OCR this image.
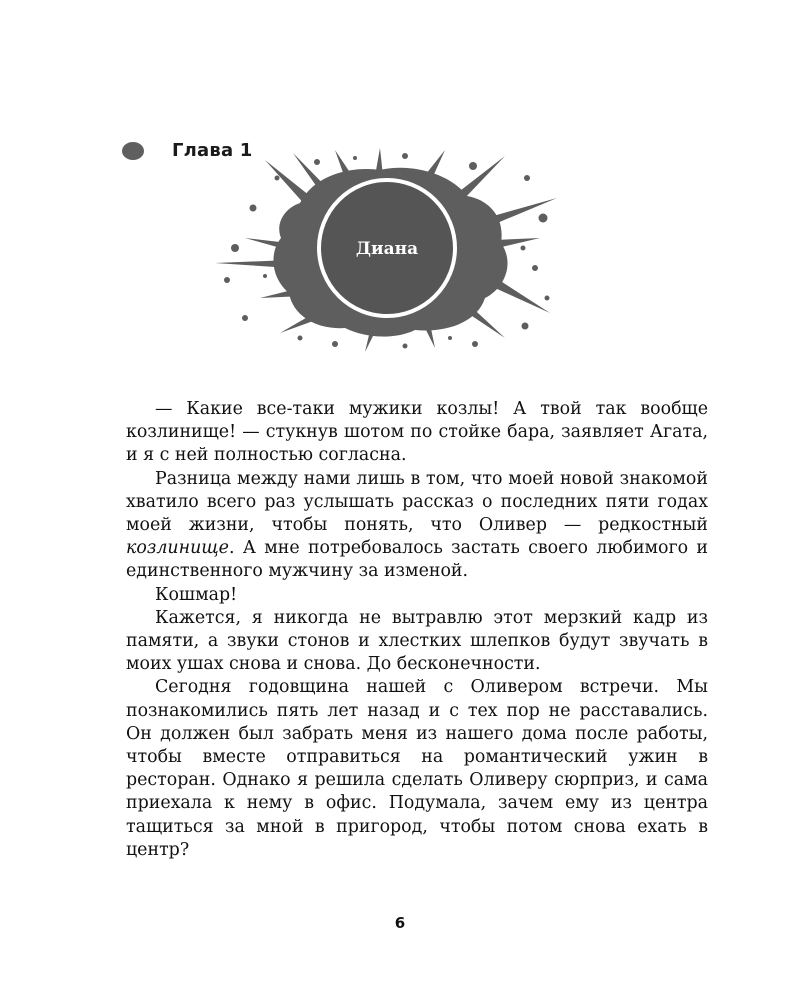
Глава 1
Диана

— Какие все-таки мужики козлы! А твой так вообще козлинище! — стукнув шотом по стойке бара, заявляет Агата, и я с ней полностью согласна.

Разница между нами лишь в том, что моей новой знакомой хватило всего раз услышать рассказ о последних пяти годах моей жизни, чтобы понять, что Оливер — редкостный козлинище. А мне потребовалось застать своего любимого и единственного мужчину за изменой.

Кошмар!

Кажется, я никогда не вытравлю этот мерзкий кадр из памяти, а звуки стонов и хлестких шлепков будут звучать в моих ушах снова и снова. До бесконечности.

Сегодня годовщина нашей с Оливером встречи. Мы познакомились пять лет назад и с тех пор не расставались. Он должен был забрать меня из нашего дома после работы, чтобы вместе отправиться на романтический ужин в ресторан. Однако я решила сделать Оливеру сюрприз, и сама приехала к нему в офис. Подумала, зачем ему из центра тащиться за мной в пригород, чтобы потом снова ехать в центр?

6
